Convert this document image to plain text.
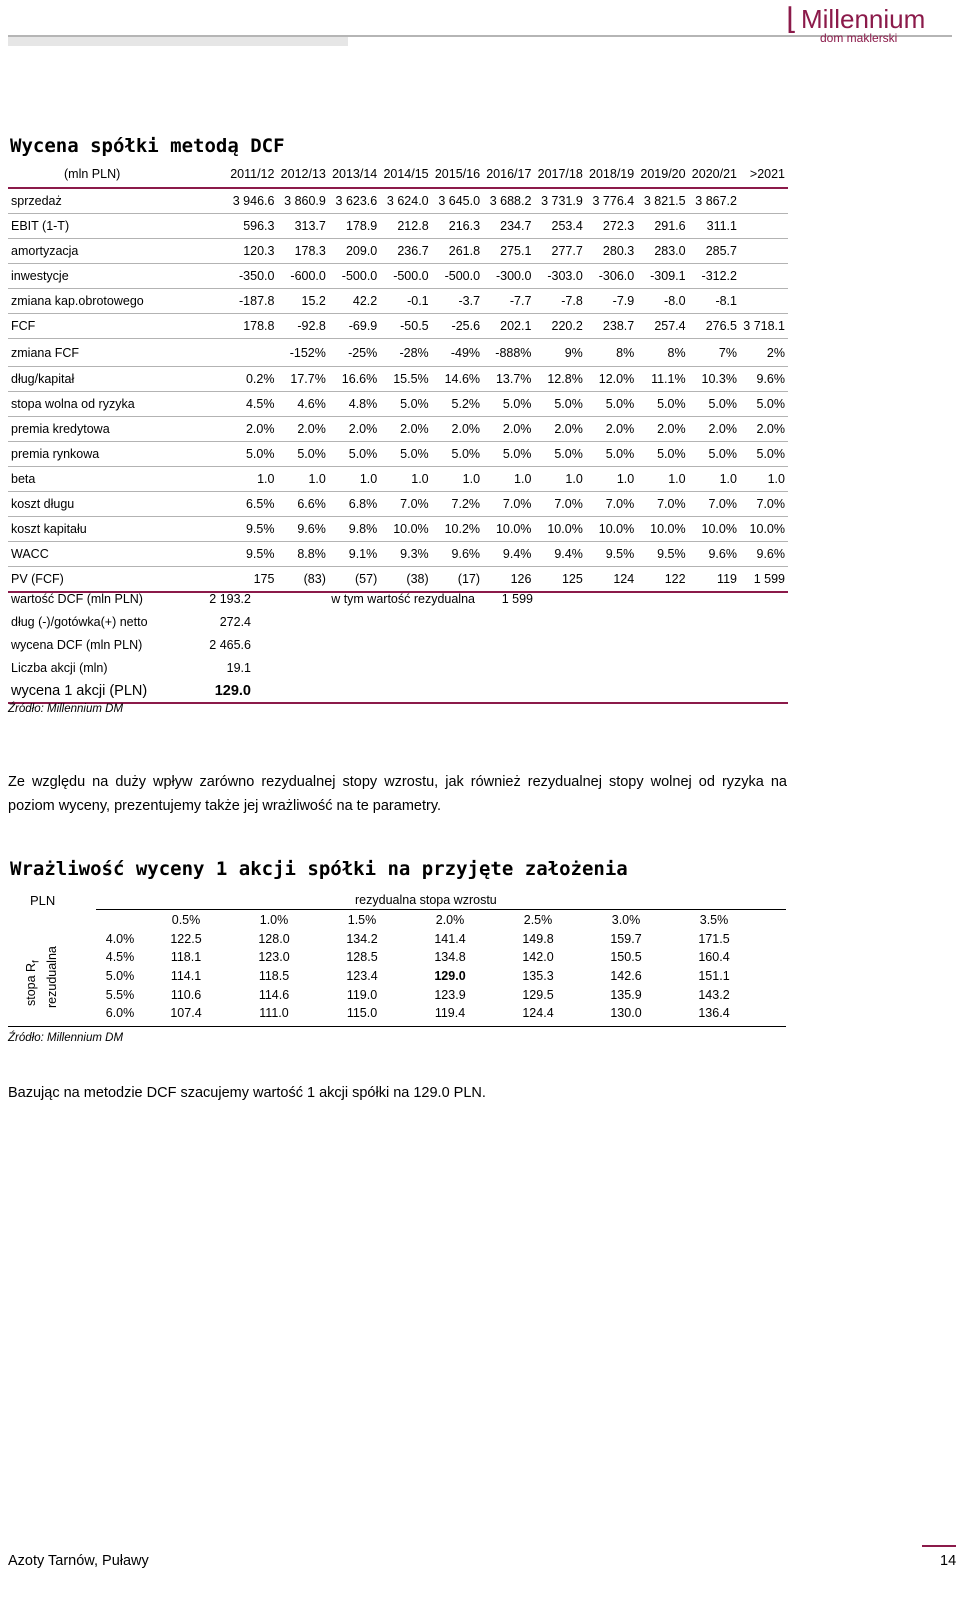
⌊ Millennium
dom maklerski
Wycena spółki metodą DCF
(mln PLN)	2011/12	2012/13	2013/14	2014/15	2015/16	2016/17	2017/18	2018/19	2019/20	2020/21	>2021
sprzedaż	3 946.6	3 860.9	3 623.6	3 624.0	3 645.0	3 688.2	3 731.9	3 776.4	3 821.5	3 867.2	
EBIT (1-T)	596.3	313.7	178.9	212.8	216.3	234.7	253.4	272.3	291.6	311.1	
amortyzacja	120.3	178.3	209.0	236.7	261.8	275.1	277.7	280.3	283.0	285.7	
inwestycje	-350.0	-600.0	-500.0	-500.0	-500.0	-300.0	-303.0	-306.0	-309.1	-312.2	
zmiana kap.obrotowego	-187.8	15.2	42.2	-0.1	-3.7	-7.7	-7.8	-7.9	-8.0	-8.1	
FCF	178.8	-92.8	-69.9	-50.5	-25.6	202.1	220.2	238.7	257.4	276.5	3 718.1
zmiana FCF		-152%	-25%	-28%	-49%	-888%	9%	8%	8%	7%	2%
dług/kapitał	0.2%	17.7%	16.6%	15.5%	14.6%	13.7%	12.8%	12.0%	11.1%	10.3%	9.6%
stopa wolna od ryzyka	4.5%	4.6%	4.8%	5.0%	5.2%	5.0%	5.0%	5.0%	5.0%	5.0%	5.0%
premia kredytowa	2.0%	2.0%	2.0%	2.0%	2.0%	2.0%	2.0%	2.0%	2.0%	2.0%	2.0%
premia rynkowa	5.0%	5.0%	5.0%	5.0%	5.0%	5.0%	5.0%	5.0%	5.0%	5.0%	5.0%
beta	1.0	1.0	1.0	1.0	1.0	1.0	1.0	1.0	1.0	1.0	1.0
koszt długu	6.5%	6.6%	6.8%	7.0%	7.2%	7.0%	7.0%	7.0%	7.0%	7.0%	7.0%
koszt kapitału	9.5%	9.6%	9.8%	10.0%	10.2%	10.0%	10.0%	10.0%	10.0%	10.0%	10.0%
WACC	9.5%	8.8%	9.1%	9.3%	9.6%	9.4%	9.4%	9.5%	9.5%	9.6%	9.6%
PV (FCF)	175	(83)	(57)	(38)	(17)	126	125	124	122	119	1 599
wartość DCF (mln PLN)	2 193.2	w tym wartość rezydualna	1 599	
dług (-)/gotówka(+) netto	272.4			
wycena DCF (mln PLN)	2 465.6			
Liczba akcji (mln)	19.1			
wycena 1 akcji (PLN)	129.0			
Źródło: Millennium DM
Ze względu na duży wpływ zarówno rezydualnej stopy wzrostu, jak również rezydualnej stopy wolnej od ryzyka na poziom wyceny, prezentujemy także jej wrażliwość na te parametry.
Wrażliwość wyceny 1 akcji spółki na przyjęte założenia
PLN	rezydualna stopa wzrostu
stopa $R_f$ rezudualna
	0.5%	1.0%	1.5%	2.0%	2.5%	3.0%	3.5%
4.0%	122.5	128.0	134.2	141.4	149.8	159.7	171.5
4.5%	118.1	123.0	128.5	134.8	142.0	150.5	160.4
5.0%	114.1	118.5	123.4	129.0	135.3	142.6	151.1
5.5%	110.6	114.6	119.0	123.9	129.5	135.9	143.2
6.0%	107.4	111.0	115.0	119.4	124.4	130.0	136.4
Źródło: Millennium DM
Bazując na metodzie DCF szacujemy wartość 1 akcji spółki na 129.0 PLN.
Azoty Tarnów, Puławy	14
